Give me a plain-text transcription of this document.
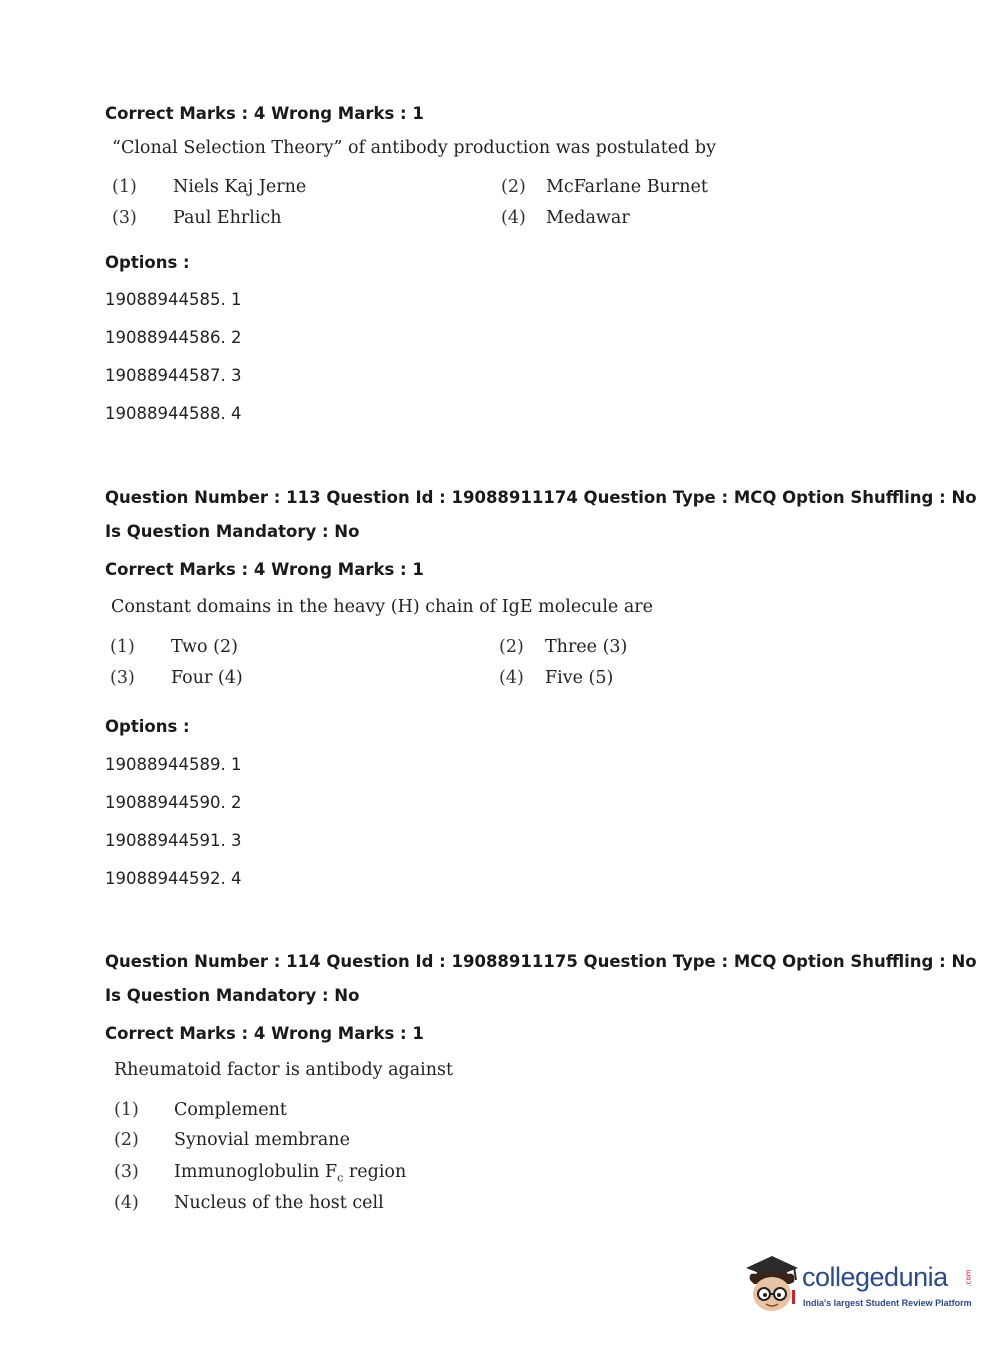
Correct Marks : 4 Wrong Marks : 1
“Clonal Selection Theory” of antibody production was postulated by
(1) Niels Kaj Jerne	(2) McFarlane Burnet
(3) Paul Ehrlich	(4) Medawar
Options :
19088944585. 1
19088944586. 2
19088944587. 3
19088944588. 4
Question Number : 113 Question Id : 19088911174 Question Type : MCQ Option Shuffling : No
Is Question Mandatory : No
Correct Marks : 4 Wrong Marks : 1
Constant domains in the heavy (H) chain of IgE molecule are
(1) Two (2)	(2) Three (3)
(3) Four (4)	(4) Five (5)
Options :
19088944589. 1
19088944590. 2
19088944591. 3
19088944592. 4
Question Number : 114 Question Id : 19088911175 Question Type : MCQ Option Shuffling : No
Is Question Mandatory : No
Correct Marks : 4 Wrong Marks : 1
Rheumatoid factor is antibody against
(1) Complement
(2) Synovial membrane
(3) Immunoglobulin $F_c$ region
(4) Nucleus of the host cell
collegedunia .com
India's largest Student Review Platform
